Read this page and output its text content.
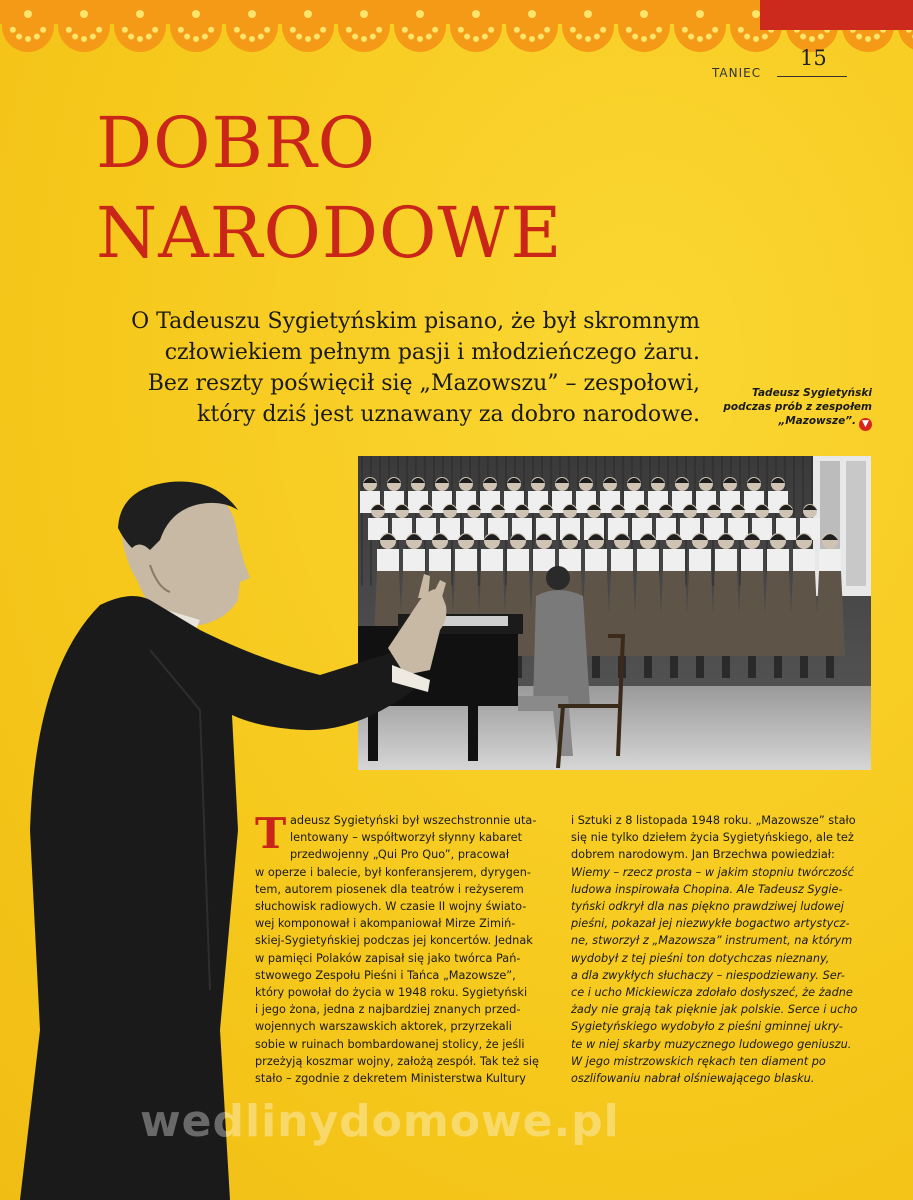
TANIEC
15
DOBRO
NARODOWE
O Tadeuszu Sygietyńskim pisano, że był skromnym
człowiekiem pełnym pasji i młodzieńczego żaru.
Bez reszty poświęcił się „Mazowszu” – zespołowi,
który dziś jest uznawany za dobro narodowe.
Tadeusz Sygietyński
podczas prób z zespołem
„Mazowsze”. ▼
T adeusz Sygietyński był wszechstronnie uta-
lentowany – współtworzył słynny kabaret
przedwojenny „Qui Pro Quo”, pracował
w operze i balecie, był konferansjerem, dyrygen-
tem, autorem piosenek dla teatrów i reżyserem
słuchowisk radiowych. W czasie II wojny świato-
wej komponował i akompaniował Mirze Zimiń-
skiej-Sygietyńskiej podczas jej koncertów. Jednak
w pamięci Polaków zapisał się jako twórca Pań-
stwowego Zespołu Pieśni i Tańca „Mazowsze”,
który powołał do życia w 1948 roku. Sygietyński
i jego żona, jedna z najbardziej znanych przed-
wojennych warszawskich aktorek, przyrzekali
sobie w ruinach bombardowanej stolicy, że jeśli
przeżyją koszmar wojny, założą zespół. Tak też się
stało – zgodnie z dekretem Ministerstwa Kultury
i Sztuki z 8 listopada 1948 roku. „Mazowsze” stało
się nie tylko dziełem życia Sygietyńskiego, ale też
dobrem narodowym. Jan Brzechwa powiedział:
Wiemy – rzecz prosta – w jakim stopniu twórczość
ludowa inspirowała Chopina. Ale Tadeusz Sygie-
tyński odkrył dla nas piękno prawdziwej ludowej
pieśni, pokazał jej niezwykłe bogactwo artystycz-
ne, stworzył z „Mazowsza” instrument, na którym
wydobył z tej pieśni ton dotychczas nieznany,
a dla zwykłych słuchaczy – niespodziewany. Ser-
ce i ucho Mickiewicza zdołało dosłyszeć, że żadne
żady nie grają tak pięknie jak polskie. Serce i ucho
Sygietyńskiego wydobyło z pieśni gminnej ukry-
te w niej skarby muzycznego ludowego geniuszu.
W jego mistrzowskich rękach ten diament po
oszlifowaniu nabrał olśniewającego blasku.
wedlinydomowe.pl
